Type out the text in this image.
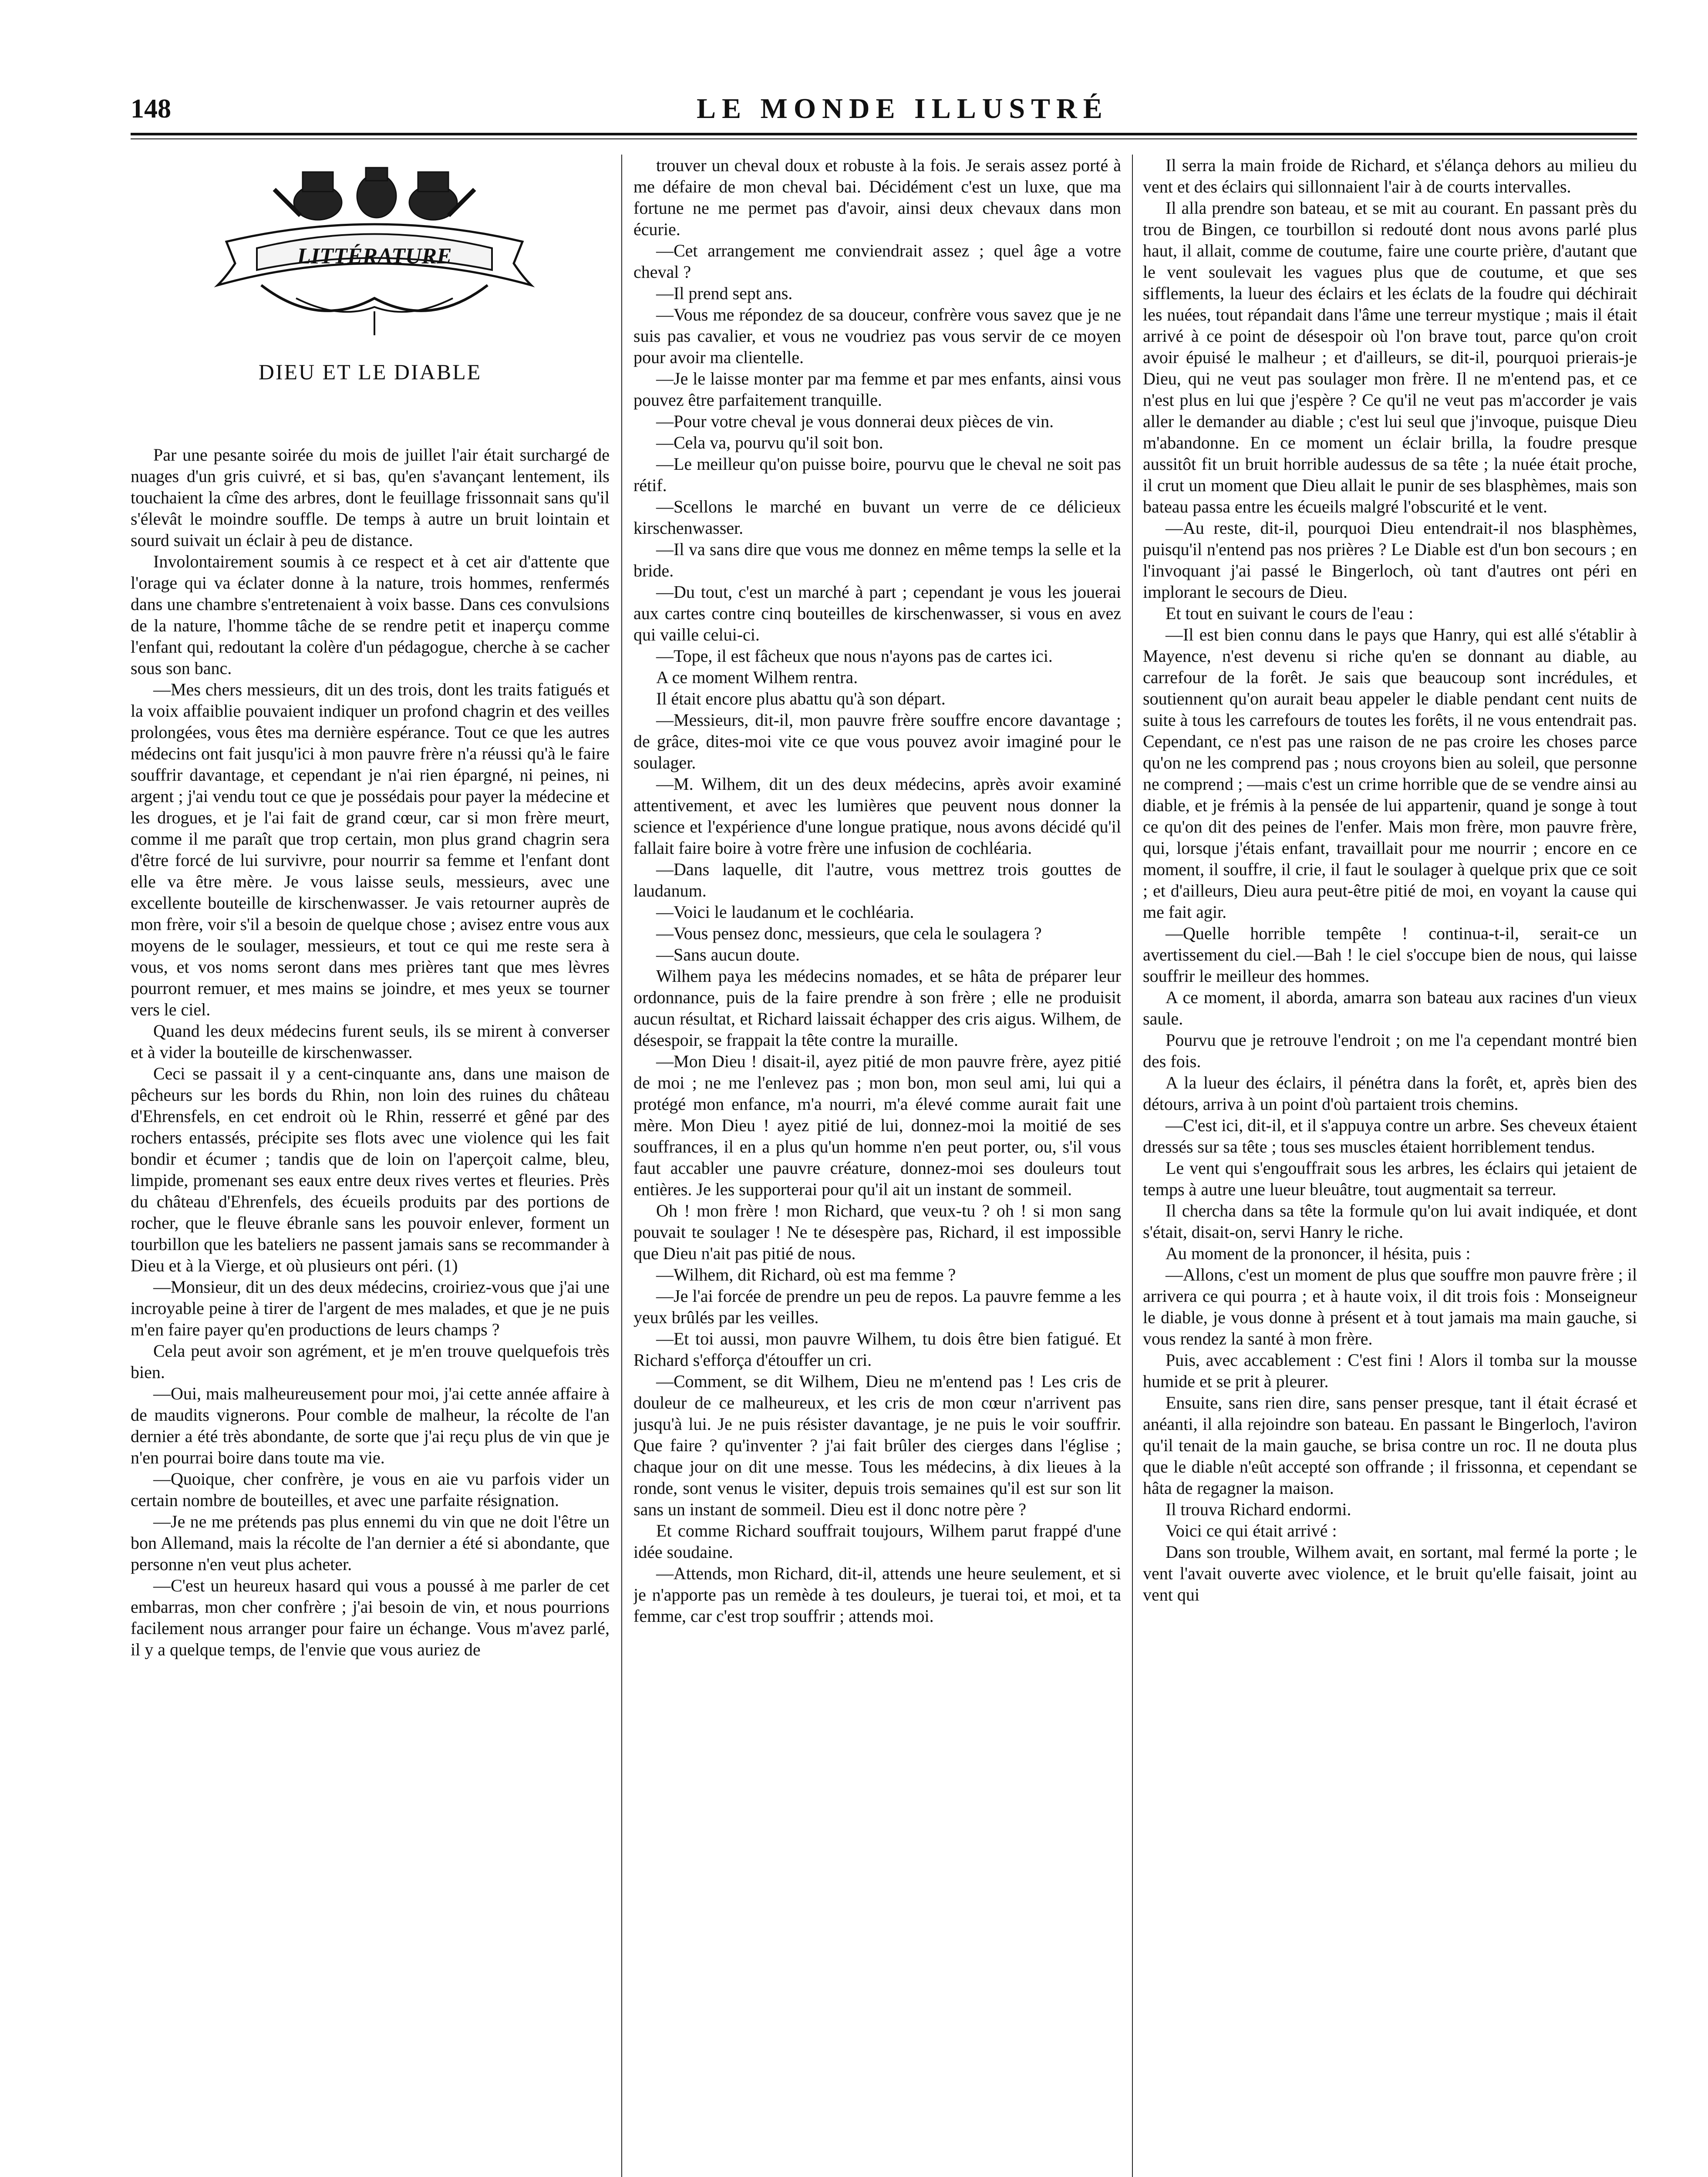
148	LE MONDE ILLUSTRÉ
LITTÉRATURE
DIEU ET LE DIABLE

Par une pesante soirée du mois de juillet l'air était surchargé de nuages d'un gris cuivré, et si bas, qu'en s'avançant lentement, ils touchaient la cîme des arbres, dont le feuillage frissonnait sans qu'il s'élevât le moindre souffle. De temps à autre un bruit lointain et sourd suivait un éclair à peu de distance.

Involontairement soumis à ce respect et à cet air d'attente que l'orage qui va éclater donne à la nature, trois hommes, renfermés dans une chambre s'entretenaient à voix basse. Dans ces convulsions de la nature, l'homme tâche de se rendre petit et inaperçu comme l'enfant qui, redoutant la colère d'un pédagogue, cherche à se cacher sous son banc.

—Mes chers messieurs, dit un des trois, dont les traits fatigués et la voix affaiblie pouvaient indiquer un profond chagrin et des veilles prolongées, vous êtes ma dernière espérance. Tout ce que les autres médecins ont fait jusqu'ici à mon pauvre frère n'a réussi qu'à le faire souffrir davantage, et cependant je n'ai rien épargné, ni peines, ni argent ; j'ai vendu tout ce que je possédais pour payer la médecine et les drogues, et je l'ai fait de grand cœur, car si mon frère meurt, comme il me paraît que trop certain, mon plus grand chagrin sera d'être forcé de lui survivre, pour nourrir sa femme et l'enfant dont elle va être mère. Je vous laisse seuls, messieurs, avec une excellente bouteille de kirschenwasser. Je vais retourner auprès de mon frère, voir s'il a besoin de quelque chose ; avisez entre vous aux moyens de le soulager, messieurs, et tout ce qui me reste sera à vous, et vos noms seront dans mes prières tant que mes lèvres pourront remuer, et mes mains se joindre, et mes yeux se tourner vers le ciel.

Quand les deux médecins furent seuls, ils se mirent à converser et à vider la bouteille de kirschenwasser.

Ceci se passait il y a cent-cinquante ans, dans une maison de pêcheurs sur les bords du Rhin, non loin des ruines du château d'Ehrensfels, en cet endroit où le Rhin, resserré et gêné par des rochers entassés, précipite ses flots avec une violence qui les fait bondir et écumer ; tandis que de loin on l'aperçoit calme, bleu, limpide, promenant ses eaux entre deux rives vertes et fleuries. Près du château d'Ehrenfels, des écueils produits par des portions de rocher, que le fleuve ébranle sans les pouvoir enlever, forment un tourbillon que les bateliers ne passent jamais sans se recommander à Dieu et à la Vierge, et où plusieurs ont péri. (1)

—Monsieur, dit un des deux médecins, croiriez-vous que j'ai une incroyable peine à tirer de l'argent de mes malades, et que je ne puis m'en faire payer qu'en productions de leurs champs ?

Cela peut avoir son agrément, et je m'en trouve quelquefois très bien.

—Oui, mais malheureusement pour moi, j'ai cette année affaire à de maudits vignerons. Pour comble de malheur, la récolte de l'an dernier a été très abondante, de sorte que j'ai reçu plus de vin que je n'en pourrai boire dans toute ma vie.

—Quoique, cher confrère, je vous en aie vu parfois vider un certain nombre de bouteilles, et avec une parfaite résignation.

—Je ne me prétends pas plus ennemi du vin que ne doit l'être un bon Allemand, mais la récolte de l'an dernier a été si abondante, que personne n'en veut plus acheter.

—C'est un heureux hasard qui vous a poussé à me parler de cet embarras, mon cher confrère ; j'ai besoin de vin, et nous pourrions facilement nous arranger pour faire un échange. Vous m'avez parlé, il y a quelque temps, de l'envie que vous auriez de

trouver un cheval doux et robuste à la fois. Je serais assez porté à me défaire de mon cheval bai. Décidément c'est un luxe, que ma fortune ne me permet pas d'avoir, ainsi deux chevaux dans mon écurie.

—Cet arrangement me conviendrait assez ; quel âge a votre cheval ?

—Il prend sept ans.

—Vous me répondez de sa douceur, confrère vous savez que je ne suis pas cavalier, et vous ne voudriez pas vous servir de ce moyen pour avoir ma clientelle.

—Je le laisse monter par ma femme et par mes enfants, ainsi vous pouvez être parfaitement tranquille.

—Pour votre cheval je vous donnerai deux pièces de vin.

—Cela va, pourvu qu'il soit bon.

—Le meilleur qu'on puisse boire, pourvu que le cheval ne soit pas rétif.

—Scellons le marché en buvant un verre de ce délicieux kirschenwasser.

—Il va sans dire que vous me donnez en même temps la selle et la bride.

—Du tout, c'est un marché à part ; cependant je vous les jouerai aux cartes contre cinq bouteilles de kirschenwasser, si vous en avez qui vaille celui-ci.

—Tope, il est fâcheux que nous n'ayons pas de cartes ici.

A ce moment Wilhem rentra.

Il était encore plus abattu qu'à son départ.

—Messieurs, dit-il, mon pauvre frère souffre encore davantage ; de grâce, dites-moi vite ce que vous pouvez avoir imaginé pour le soulager.

—M. Wilhem, dit un des deux médecins, après avoir examiné attentivement, et avec les lumières que peuvent nous donner la science et l'expérience d'une longue pratique, nous avons décidé qu'il fallait faire boire à votre frère une infusion de cochléaria.

—Dans laquelle, dit l'autre, vous mettrez trois gouttes de laudanum.

—Voici le laudanum et le cochléaria.

—Vous pensez donc, messieurs, que cela le soulagera ?

—Sans aucun doute.

Wilhem paya les médecins nomades, et se hâta de préparer leur ordonnance, puis de la faire prendre à son frère ; elle ne produisit aucun résultat, et Richard laissait échapper des cris aigus. Wilhem, de désespoir, se frappait la tête contre la muraille.

—Mon Dieu ! disait-il, ayez pitié de mon pauvre frère, ayez pitié de moi ; ne me l'enlevez pas ; mon bon, mon seul ami, lui qui a protégé mon enfance, m'a nourri, m'a élevé comme aurait fait une mère. Mon Dieu ! ayez pitié de lui, donnez-moi la moitié de ses souffrances, il en a plus qu'un homme n'en peut porter, ou, s'il vous faut accabler une pauvre créature, donnez-moi ses douleurs tout entières. Je les supporterai pour qu'il ait un instant de sommeil.

Oh ! mon frère ! mon Richard, que veux-tu ? oh ! si mon sang pouvait te soulager ! Ne te désespère pas, Richard, il est impossible que Dieu n'ait pas pitié de nous.

—Wilhem, dit Richard, où est ma femme ?

—Je l'ai forcée de prendre un peu de repos. La pauvre femme a les yeux brûlés par les veilles.

—Et toi aussi, mon pauvre Wilhem, tu dois être bien fatigué. Et Richard s'efforça d'étouffer un cri.

—Comment, se dit Wilhem, Dieu ne m'entend pas ! Les cris de douleur de ce malheureux, et les cris de mon cœur n'arrivent pas jusqu'à lui. Je ne puis résister davantage, je ne puis le voir souffrir. Que faire ? qu'inventer ? j'ai fait brûler des cierges dans l'église ; chaque jour on dit une messe. Tous les médecins, à dix lieues à la ronde, sont venus le visiter, depuis trois semaines qu'il est sur son lit sans un instant de sommeil. Dieu est il donc notre père ?

Et comme Richard souffrait toujours, Wilhem parut frappé d'une idée soudaine.

—Attends, mon Richard, dit-il, attends une heure seulement, et si je n'apporte pas un remède à tes douleurs, je tuerai toi, et moi, et ta femme, car c'est trop souffrir ; attends moi.

Il serra la main froide de Richard, et s'élança dehors au milieu du vent et des éclairs qui sillonnaient l'air à de courts intervalles.

Il alla prendre son bateau, et se mit au courant. En passant près du trou de Bingen, ce tourbillon si redouté dont nous avons parlé plus haut, il allait, comme de coutume, faire une courte prière, d'autant que le vent soulevait les vagues plus que de coutume, et que ses sifflements, la lueur des éclairs et les éclats de la foudre qui déchirait les nuées, tout répandait dans l'âme une terreur mystique ; mais il était arrivé à ce point de désespoir où l'on brave tout, parce qu'on croit avoir épuisé le malheur ; et d'ailleurs, se dit-il, pourquoi prierais-je Dieu, qui ne veut pas soulager mon frère. Il ne m'entend pas, et ce n'est plus en lui que j'espère ? Ce qu'il ne veut pas m'accorder je vais aller le demander au diable ; c'est lui seul que j'invoque, puisque Dieu m'abandonne. En ce moment un éclair brilla, la foudre presque aussitôt fit un bruit horrible audessus de sa tête ; la nuée était proche, il crut un moment que Dieu allait le punir de ses blasphèmes, mais son bateau passa entre les écueils malgré l'obscurité et le vent.

—Au reste, dit-il, pourquoi Dieu entendrait-il nos blasphèmes, puisqu'il n'entend pas nos prières ? Le Diable est d'un bon secours ; en l'invoquant j'ai passé le Bingerloch, où tant d'autres ont péri en implorant le secours de Dieu.

Et tout en suivant le cours de l'eau :

—Il est bien connu dans le pays que Hanry, qui est allé s'établir à Mayence, n'est devenu si riche qu'en se donnant au diable, au carrefour de la forêt. Je sais que beaucoup sont incrédules, et soutiennent qu'on aurait beau appeler le diable pendant cent nuits de suite à tous les carrefours de toutes les forêts, il ne vous entendrait pas. Cependant, ce n'est pas une raison de ne pas croire les choses parce qu'on ne les comprend pas ; nous croyons bien au soleil, que personne ne comprend ; —mais c'est un crime horrible que de se vendre ainsi au diable, et je frémis à la pensée de lui appartenir, quand je songe à tout ce qu'on dit des peines de l'enfer. Mais mon frère, mon pauvre frère, qui, lorsque j'étais enfant, travaillait pour me nourrir ; encore en ce moment, il souffre, il crie, il faut le soulager à quelque prix que ce soit ; et d'ailleurs, Dieu aura peut-être pitié de moi, en voyant la cause qui me fait agir.

—Quelle horrible tempête ! continua-t-il, serait-ce un avertissement du ciel.—Bah ! le ciel s'occupe bien de nous, qui laisse souffrir le meilleur des hommes.

A ce moment, il aborda, amarra son bateau aux racines d'un vieux saule.

Pourvu que je retrouve l'endroit ; on me l'a cependant montré bien des fois.

A la lueur des éclairs, il pénétra dans la forêt, et, après bien des détours, arriva à un point d'où partaient trois chemins.

—C'est ici, dit-il, et il s'appuya contre un arbre. Ses cheveux étaient dressés sur sa tête ; tous ses muscles étaient horriblement tendus.

Le vent qui s'engouffrait sous les arbres, les éclairs qui jetaient de temps à autre une lueur bleuâtre, tout augmentait sa terreur.

Il chercha dans sa tête la formule qu'on lui avait indiquée, et dont s'était, disait-on, servi Hanry le riche.

Au moment de la prononcer, il hésita, puis :

—Allons, c'est un moment de plus que souffre mon pauvre frère ; il arrivera ce qui pourra ; et à haute voix, il dit trois fois : Monseigneur le diable, je vous donne à présent et à tout jamais ma main gauche, si vous rendez la santé à mon frère.

Puis, avec accablement : C'est fini ! Alors il tomba sur la mousse humide et se prit à pleurer.

Ensuite, sans rien dire, sans penser presque, tant il était écrasé et anéanti, il alla rejoindre son bateau. En passant le Bingerloch, l'aviron qu'il tenait de la main gauche, se brisa contre un roc. Il ne douta plus que le diable n'eût accepté son offrande ; il frissonna, et cependant se hâta de regagner la maison.

Il trouva Richard endormi.

Voici ce qui était arrivé :

Dans son trouble, Wilhem avait, en sortant, mal fermé la porte ; le vent l'avait ouverte avec violence, et le bruit qu'elle faisait, joint au vent qui
